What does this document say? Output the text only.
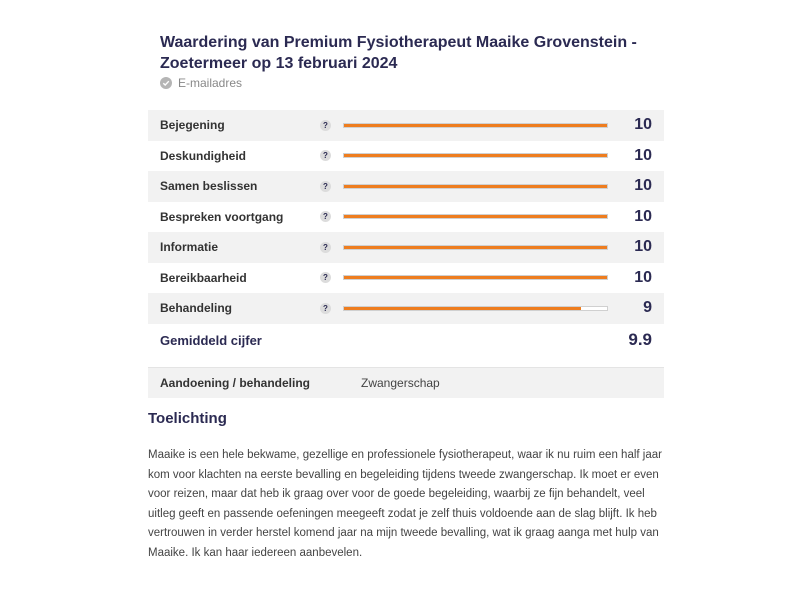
Waardering van Premium Fysiotherapeut Maaike Grovenstein - Zoetermeer op 13 februari 2024
E-mailadres
Bejegening	?	10
Deskundigheid	?	10
Samen beslissen	?	10
Bespreken voortgang	?	10
Informatie	?	10
Bereikbaarheid	?	10
Behandeling	?	9
Gemiddeld cijfer	9.9
Aandoening / behandeling	Zwangerschap
Toelichting
Maaike is een hele bekwame, gezellige en professionele fysiotherapeut, waar ik nu ruim een half jaar kom voor klachten na eerste bevalling en begeleiding tijdens tweede zwangerschap. Ik moet er even voor reizen, maar dat heb ik graag over voor de goede begeleiding, waarbij ze fijn behandelt, veel uitleg geeft en passende oefeningen meegeeft zodat je zelf thuis voldoende aan de slag blijft. Ik heb vertrouwen in verder herstel komend jaar na mijn tweede bevalling, wat ik graag aanga met hulp van Maaike. Ik kan haar iedereen aanbevelen.
